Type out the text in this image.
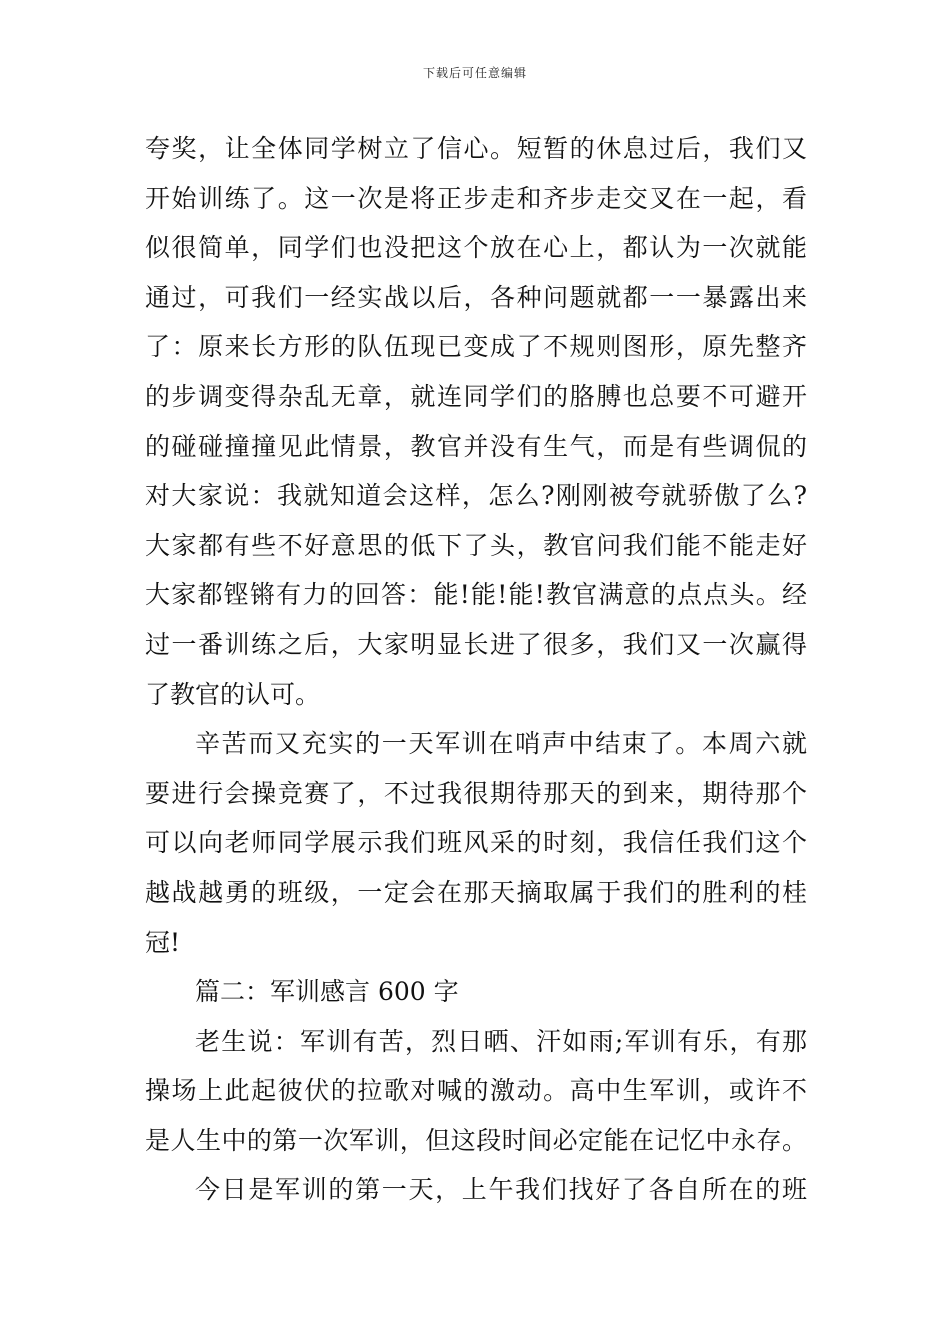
下载后可任意编辑
夸奖，让全体同学树立了信心。短暂的休息过后，我们又
开始训练了。这一次是将正步走和齐步走交叉在一起，看
似很简单，同学们也没把这个放在心上，都认为一次就能
通过，可我们一经实战以后，各种问题就都一一暴露出来
了：原来长方形的队伍现已变成了不规则图形，原先整齐
的步调变得杂乱无章，就连同学们的胳膊也总要不可避开
的碰碰撞撞见此情景，教官并没有生气，而是有些调侃的
对大家说：我就知道会这样，怎么?刚刚被夸就骄傲了么?
大家都有些不好意思的低下了头，教官问我们能不能走好
大家都铿锵有力的回答：能!能!能!教官满意的点点头。经
过一番训练之后，大家明显长进了很多，我们又一次赢得
了教官的认可。
辛苦而又充实的一天军训在哨声中结束了。本周六就
要进行会操竞赛了，不过我很期待那天的到来，期待那个
可以向老师同学展示我们班风采的时刻，我信任我们这个
越战越勇的班级，一定会在那天摘取属于我们的胜利的桂
冠!
篇二：军训感言 600 字
老生说：军训有苦，烈日晒、汗如雨;军训有乐，有那
操场上此起彼伏的拉歌对喊的激动。高中生军训，或许不
是人生中的第一次军训，但这段时间必定能在记忆中永存。
今日是军训的第一天，上午我们找好了各自所在的班
